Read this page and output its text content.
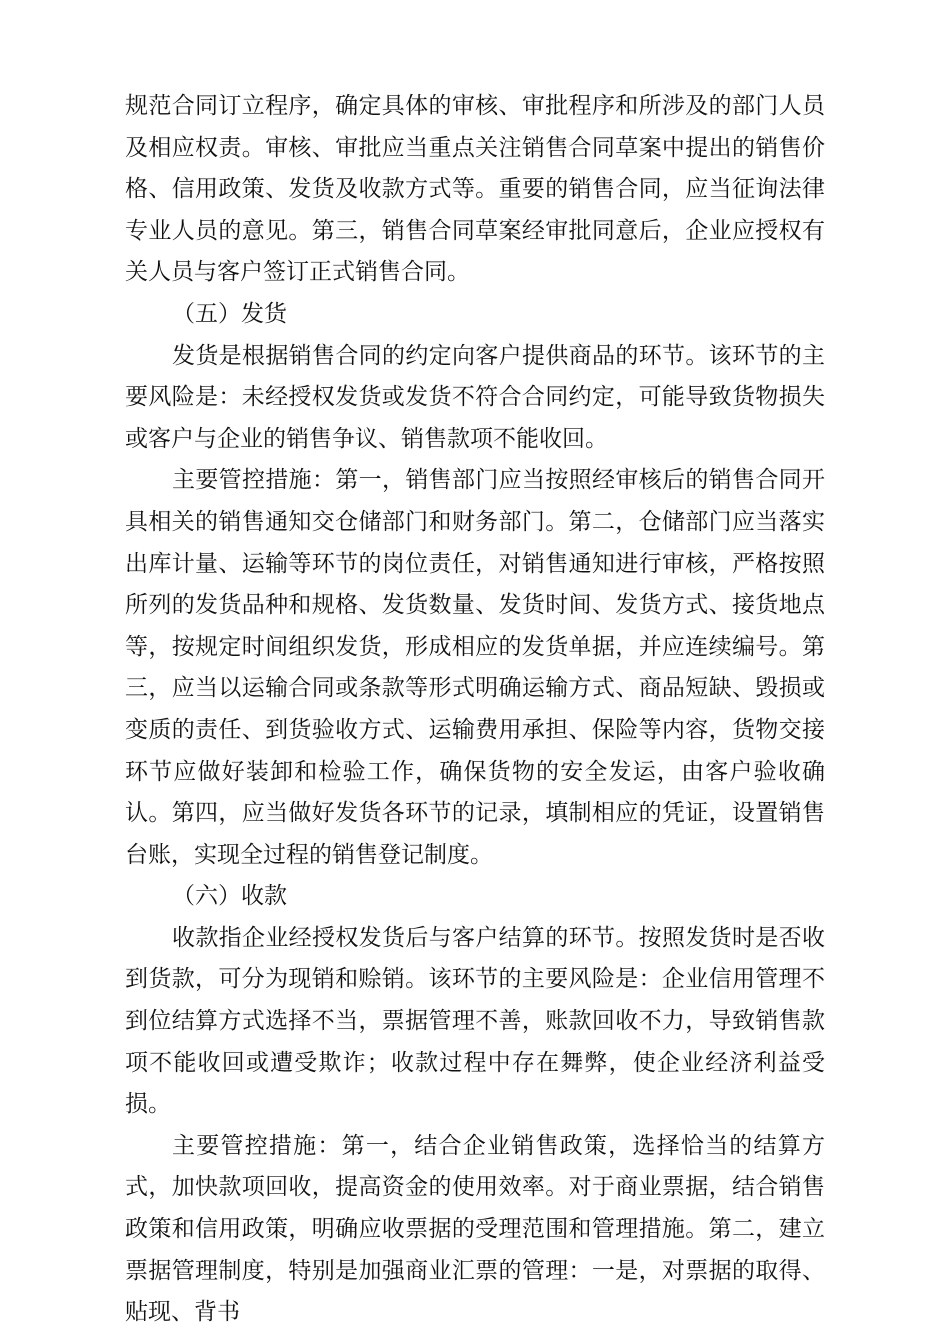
规范合同订立程序，确定具体的审核、审批程序和所涉及的部门人员及相应权责。审核、审批应当重点关注销售合同草案中提出的销售价格、信用政策、发货及收款方式等。重要的销售合同，应当征询法律专业人员的意见。第三，销售合同草案经审批同意后，企业应授权有关人员与客户签订正式销售合同。

（五）发货

发货是根据销售合同的约定向客户提供商品的环节。该环节的主要风险是：未经授权发货或发货不符合合同约定，可能导致货物损失或客户与企业的销售争议、销售款项不能收回。

主要管控措施：第一，销售部门应当按照经审核后的销售合同开具相关的销售通知交仓储部门和财务部门。第二，仓储部门应当落实出库计量、运输等环节的岗位责任，对销售通知进行审核，严格按照所列的发货品种和规格、发货数量、发货时间、发货方式、接货地点等，按规定时间组织发货，形成相应的发货单据，并应连续编号。第三，应当以运输合同或条款等形式明确运输方式、商品短缺、毁损或变质的责任、到货验收方式、运输费用承担、保险等内容，货物交接环节应做好装卸和检验工作，确保货物的安全发运，由客户验收确认。第四，应当做好发货各环节的记录，填制相应的凭证，设置销售台账，实现全过程的销售登记制度。

（六）收款

收款指企业经授权发货后与客户结算的环节。按照发货时是否收到货款，可分为现销和赊销。该环节的主要风险是：企业信用管理不到位结算方式选择不当，票据管理不善，账款回收不力，导致销售款项不能收回或遭受欺诈；收款过程中存在舞弊，使企业经济利益受损。

主要管控措施：第一，结合企业销售政策，选择恰当的结算方式，加快款项回收，提高资金的使用效率。对于商业票据，结合销售政策和信用政策，明确应收票据的受理范围和管理措施。第二，建立票据管理制度，特别是加强商业汇票的管理：一是，对票据的取得、贴现、背书
